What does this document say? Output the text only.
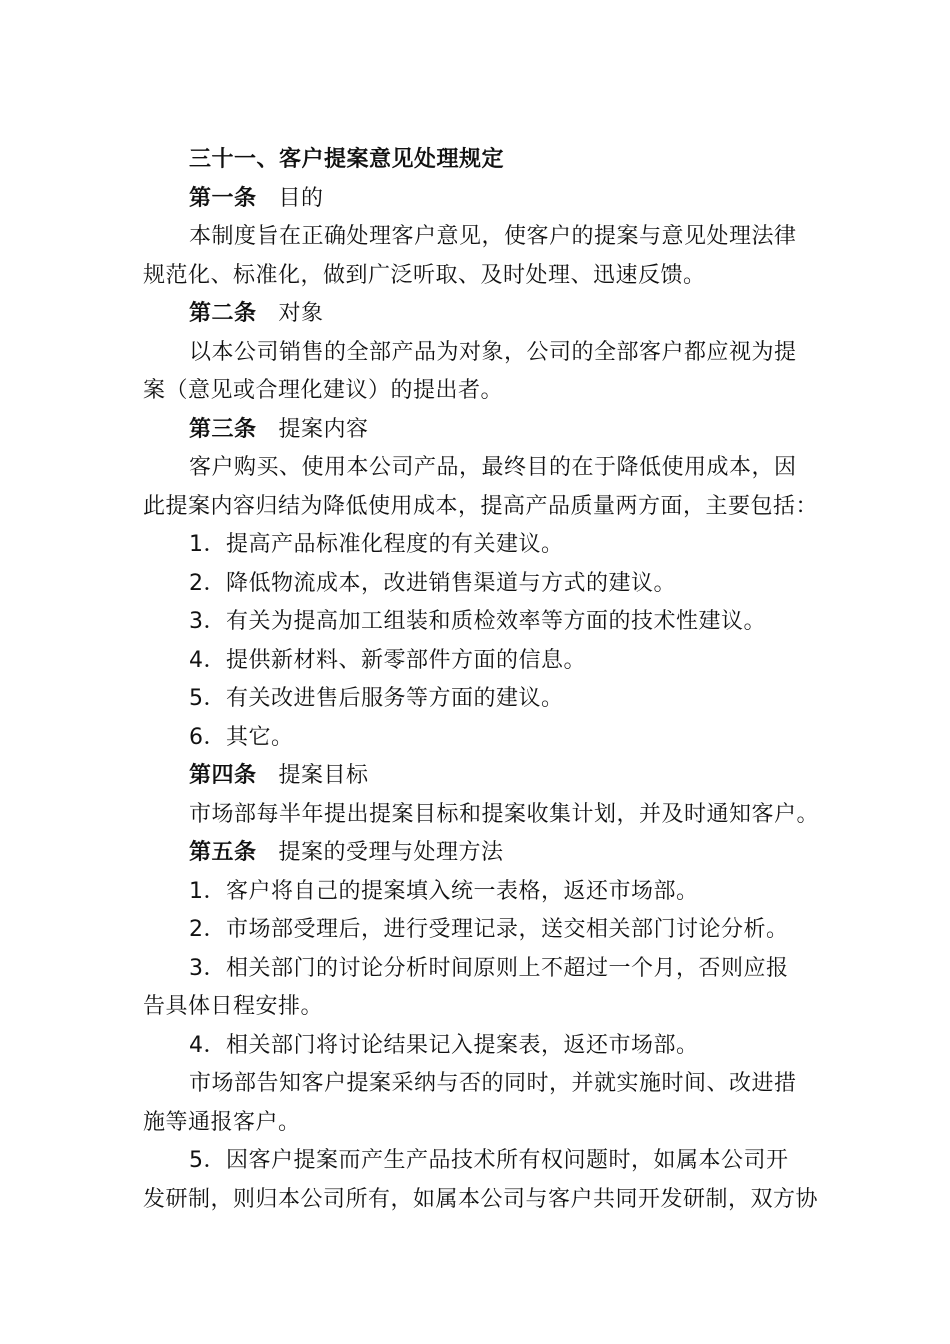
三十一、客户提案意见处理规定
第一条 目的
本制度旨在正确处理客户意见，使客户的提案与意见处理法律
规范化、标准化，做到广泛听取、及时处理、迅速反馈。
第二条 对象
以本公司销售的全部产品为对象，公司的全部客户都应视为提
案（意见或合理化建议）的提出者。
第三条 提案内容
客户购买、使用本公司产品，最终目的在于降低使用成本，因
此提案内容归结为降低使用成本，提高产品质量两方面，主要包括：
1．提高产品标准化程度的有关建议。
2．降低物流成本，改进销售渠道与方式的建议。
3．有关为提高加工组装和质检效率等方面的技术性建议。
4．提供新材料、新零部件方面的信息。
5．有关改进售后服务等方面的建议。
6．其它。
第四条 提案目标
市场部每半年提出提案目标和提案收集计划，并及时通知客户。
第五条 提案的受理与处理方法
1．客户将自己的提案填入统一表格，返还市场部。
2．市场部受理后，进行受理记录，送交相关部门讨论分析。
3．相关部门的讨论分析时间原则上不超过一个月，否则应报
告具体日程安排。
4．相关部门将讨论结果记入提案表，返还市场部。
市场部告知客户提案采纳与否的同时，并就实施时间、改进措
施等通报客户。
5．因客户提案而产生产品技术所有权问题时，如属本公司开
发研制，则归本公司所有，如属本公司与客户共同开发研制，双方协
